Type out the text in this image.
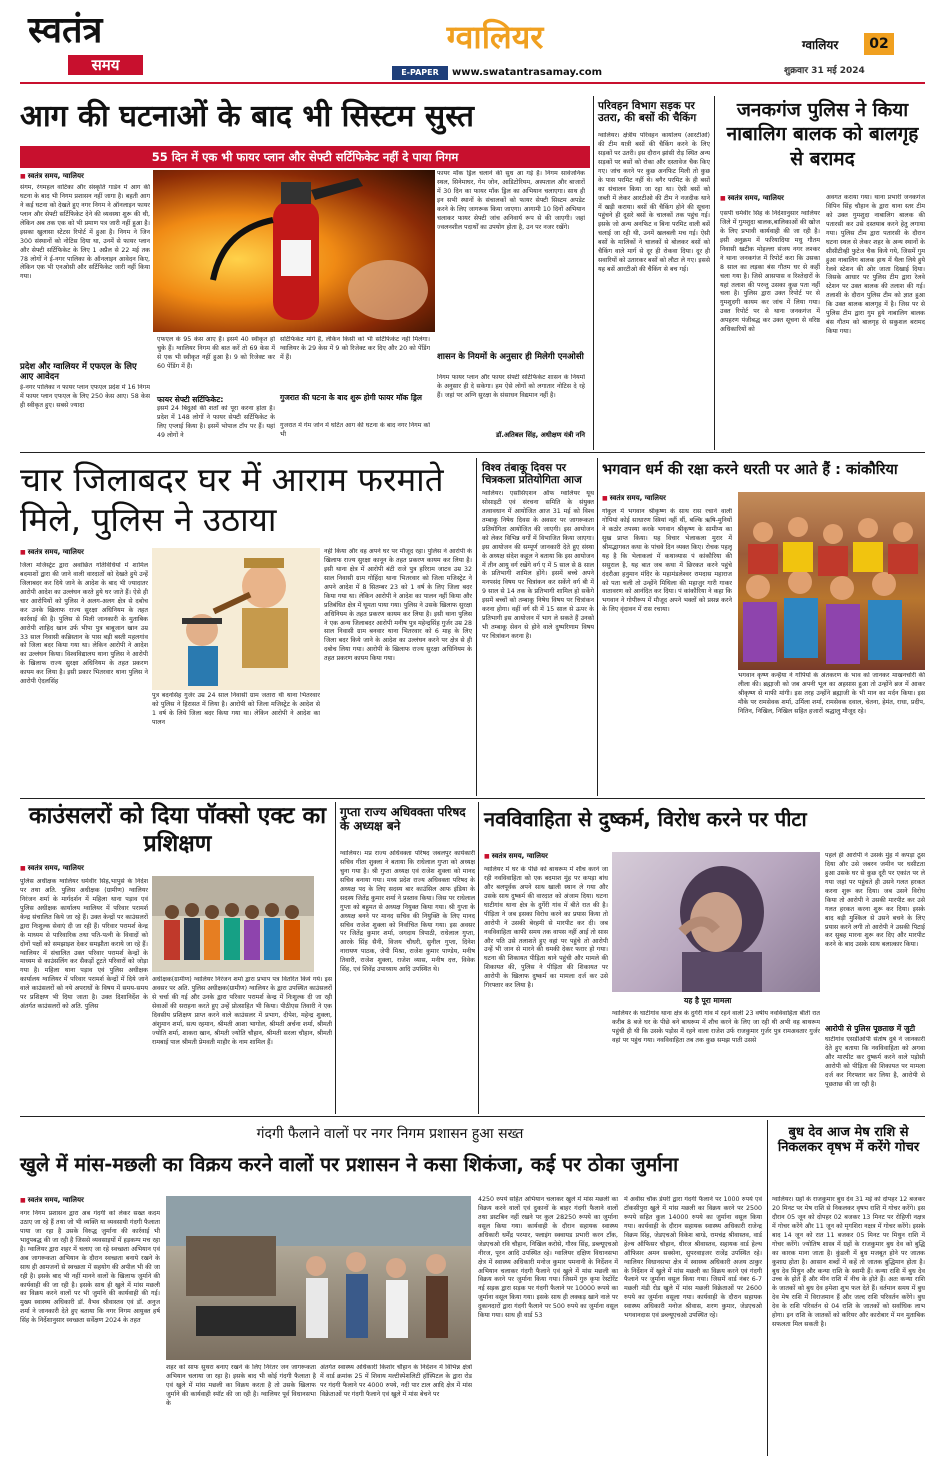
स्वतंत्र
समय
ग्वालियर
E-PAPER	www.swatantrasamay.com
ग्वालियर	02
शुक्रवार 31 मई 2024
आग की घटनाओं के बाद भी सिस्टम सुस्त
55 दिन में एक भी फायर प्लान और सेफ्टी सर्टिफिकेट नहीं दे पाया निगम
■ स्वतंत्र समय, ग्वालियर
संगम, रंगमहल वाटिका और संस्कृति गार्डन में आग की घटना के बाद भी निगम प्रशासन नहीं जागा है। बहती आग ने कई घटना को देखते हुए नगर निगम ने ऑनलाइन फायर प्लान और सेफ्टी सर्टिफिकेट देने की व्यवस्था शुरू की थी, लेकिन अब तक एक को भी प्रमाण पत्र जारी नहीं हुआ है। इसका खुलासा स्टेटस रिपोर्ट में हुआ है। निगम ने जिन 300 संस्थानों को नोटिस दिया था, उनमें से फायर प्लान और सेफ्टी सर्टिफिकेट के लिए 1 अप्रैल से 22 मई तक 78 लोगों ने ई-नगर पालिका के ऑनलाइन आवेदन किए, लेकिन एक भी एनओसी और सर्टिफिकेट जारी नहीं किया गया।
प्रदेश और ग्वालियर में एफएल के लिए आए आवेदन
ई-नगर पालिका न फायर प्लान एफएल प्रदेश में 16 निगम में फायर प्लान एफएल के लिए 250 केस आए। 58 केस ही स्वीकृत हुए। सबसे ज्यादा
एफएल के 95 केस आए हैं। इसमें 40 स्वीकृत हो चुके हैं। ग्वालियर निगम की बात करें तो 69 केस में से एक भी स्वीकृत नहीं हुआ है। 9 को रिजेक्ट कर 60 पेंडिंग में हैं।
फायर सेफ्टी सर्टिफिकेट:
इसमें 24 बिंदुओं की शर्तों को पूरा करना होता है। प्रदेश में 148 लोगों ने फायर सेफ्टी सर्टिफिकेट के लिए एप्लाई किया है। इसमें भोपाल टॉप पर हैं। यहां 49 लोगों ने
सर्टिफिकेट मांगे हैं, लेकिन किसी को भी सर्टिफिकेट नहीं मिलेगा। ग्वालियर के 29 केस में 9 को रिजेक्ट कर दिए और 20 को पेंडिंग में हैं।
गुजरात की घटना के बाद शुरू होगी फायर मॉक ड्रिल
गुजरात में गेम जोन में घटित आग की घटना के बाद नगर निगम को भी
फायर मॉक ड्रिल चलाने की सुध आ गई है। निगम सार्वजनिक स्थल, सिनेमाघर, गेम जोन, आडिटोरियम, अस्पताल और बाजारों में 30 दिन का फायर मॉक ड्रिल का अभियान चलाएगा। साथ ही इन सभी स्थानों के संचालकों को फायर सेफ्टी सिस्टम अपडेट करने के लिए जागरूक किया जाएगा। आगामी 10 दिनों अभियान चलाकर फायर सेफ्टी जांच अनिवार्य रूप से की जाएगी। जहां ज्वलनशील पदार्थों का उपयोग होता है, उन पर नजर रखेंगे।
शासन के नियमों के अनुसार ही मिलेगी एनओसी
निगम फायर प्लान और फायर सेफ्टी सर्टिफिकेट शासन के नियमों के अनुसार ही दे सकेगा। हम ऐसे लोगों को लगातार नोटिस दे रहे हैं। जहां पर अग्नि सुरक्षा के संसाधन विद्यमान नहीं है।
डॉ.अतिबल सिंह, अधीक्षण यंत्री ननि
परिवहन विभाग सड़क पर उतरा, की बसों की चैकिंग
ग्वालियर। क्षेत्रीय परिवहन कार्यालय (आरटीओ) की टीम यात्री बसों की चैकिंग करने के लिए सड़कों पर उतरी। इस दौरान झांसी रोड़ स्थित अन्य सड़कों पर बसों को रोका और दस्तावेज चैक किए गए। जांच करने पर कुछ अनफिट मिली तो कुछ के पास परमिट नहीं थे। बगैर परमिट के ही बसों का संचालन किया जा रहा था। ऐसी बसों को जब्ती में लेकर आरटीओ की टीम ने नजदीक थाने में खड़ी कराया। बसों की चैकिंग होने की सूचना पहुंचने ही दूसरे बसों के चालकों तक पहुंच गई। इसके जो अन्य अनफिट व बिना परमिट वाली बसें चलाई जा रही थी, उनमें खलबली मच गई। ऐसी बसों के मालिकों ने चालकों से बोलकर बसों को चैकिंग वाले मार्ग से दूर ही रोकवा दिया। दूर ही सवारियों को उतारकर बसों को लौटा ले गए। इससे यह बसें आरटीओ की चैकिंग से बच गई।
जनकगंज पुलिस ने किया नाबालिग बालक को बालगृह से बरामद
■ स्वतंत्र समय, ग्वालियर
एसपी धर्मवीर सिंह के निर्देशानुसार ग्वालियर जिले में गुमशुदा बालक,बालिकाओं की खोज के लिए प्रभावी कार्यवाही की जा रही है। इसी अनुक्रम में फरियादिया मधु गौतम निवासी खटीक मोहल्ला संजय नगर लश्कर ने थाना जनकगंज में रिपोर्ट करा कि उसका 8 साल का लड़का बंस गौतम घर से कहीं चला गया है। जिसे आसपास व रिश्तेदारों के यहां तलाश की परन्तु उसका कुछ पता नहीं चला है। पुलिस द्वारा उक्त रिपोर्ट पर से गुमशुदगी कायम कर जांच में लिया गया। उक्त रिपोर्ट पर से थाना जनकगंज में अपहरण पंजीबद्ध कर उक्त सूचना से वरिष्ठ अधिकारियों को
अवगत कराया गया। थाना प्रभारी जनकगंज विपिन सिंह चौहान के द्वारा थाना स्तर टीम को उक्त गुमशुदा नाबालिग बालक की पतारसी कर उसे दस्तयाब करने हेतु लगाया गया। पुलिस टीम द्वारा पतारसी के दौरान घटना स्थल से लेकर शहर के अन्य स्थानों के सीसीटीव्ही फुटेज चैक किये गये, जिसमें गुम हुआ नाबालिग बालक हाथ में थैला लिये हुये रेलवे स्टेशन की ओर जाता दिखाई दिया। जिसके आधार पर पुलिस टीम द्वारा रेलवे स्टेशन पर उक्त बालक की तलाश की गई। तलाशी के दौरान पुलिस टीम को ज्ञात हुआ कि उक्त बालक बालगृह में है। जिस पर से पुलिस टीम द्वारा गुम हुये नाबालिग बालक बंस गौतम को बालगृह से सकुशल बरामद किया गया।
चार जिलाबदर घर में आराम फरमाते मिले, पुलिस ने उठाया
■ स्वतंत्र समय, ग्वालियर
जिला मजिस्ट्रेट द्वारा अवांछित गतिविधियों में शामिल बदमाशों द्वारा की जाने वाली वारदातों को देखते हुये उन्हें जिलाबदर कर दिये जाने के आदेश के बाद भी ज्यादातर आरोपी आदेश का उल्लंघन करते हुये घर जाते हैं। ऐसे ही चार आरोपियों को पुलिस ने अलग-अलग क्षेत्र से दबोच कर उनके खिलाफ राज्य सुरक्षा अधिनियम के तहत कार्रवाई की है। पुलिस से मिली जानकारी के मुताबिक आरोपी शाहिद खान उर्फ भीपा पुत्र बाबूजान खान उम्र 33 साल निवासी कब्रिस्तान के पास बड़ी बस्ती महलगांव को जिला बदर किया गया था। लेकिन आरोपी ने आदेश का उल्लंघन किया। विश्वविद्यालय थाना पुलिस ने आरोपी के खिलाफ राज्य सुरक्षा अधिनियम के तहत प्रकरण कायम कर लिया है। इसी प्रकार भितरवार थाना पुलिस ने आरोपी ऐदलसिंह
पुत्र बदनसिंह गुर्जर उम्र 24 साल निवासी ग्राम जतारा थी थाना भितरवार को पुलिस ने हिरासत में लिया है। आरोपी को जिला मजिस्ट्रेट के आदेश से 1 वर्ष के लिये जिला बदर किया गया था। लेकिन आरोपी ने आदेश का पालन
नहीं किया और वह अपने घर पर मौजूद रहा। पुलिस ने आरोपी के खिलाफ राज्य सुरक्षा कानून के तहत प्रकरण कायम कर लिया है। इसी थाना क्षेत्र में आरोपी बंटी राजे पुत्र हरिराम जाटव उम्र 32 साल निवासी ग्राम गोहिंदा थाना भितरवार को जिला मजिस्ट्रेट ने अपने आदेश में 8 सितम्बर 23 को 1 वर्ष के लिए जिला बदर किया गया था। लेकिन आरोपी ने आदेश का पालन नहीं किया और प्रतिबंधित क्षेत्र में घूमता पाया गया। पुलिस ने उसके खिलाफ सुरक्षा अधिनियम के तहत प्रकरण कायम कर लिया है। इसी थाना पुलिस ने एक अन्य जिलाबदर आरोपी मनीष पुत्र महेन्द्रसिंह गुर्जर उम्र 28 साल निवासी ग्राम बनवार थाना भितरवार को 6 माह के लिए जिला बदर किये जाने के आदेश का उल्लंघन करने पर क्षेत्र से ही दबोच लिया गया। आरोपी के खिलाफ राज्य सुरक्षा अधिनियम के तहत प्रकरण कायम किया गया।
विश्व तंबाकू दिवस पर चित्रकला प्रतियोगिता आज
ग्वालियर। एसोसिएशन ऑफ ग्वालियर यूथ सोसाइटी एवं संरचना समिति के संयुक्त तत्वावधान में आयोजित आज 31 मई को विश्व तम्बाकू निषेध दिवस के अवसर पर जागरूकता प्रतियोगिता आयोजित की जाएगी। इस आयोजन को लेकर विभिन्न वर्गों में विभाजित किया जाएगा। इस आयोजन की सम्पूर्ण जानकारी देते हुए संस्था के अध्यक्ष संदेश कहूल ने बताया कि इस आयोजन में तीन आयु वर्ग रखेंगे वर्ग ए में 5 साल से 8 साल के प्रतिभागी शामिल होंगे। इसमें बच्चे अपने मनपसंद विषय पर चित्रांकन कर सकेंगे वर्ग बी में 9 साल से 14 तक के प्रतिभागी शामिल हो सकेंगे इसमें बच्चों को तम्बाकू निषेध विषय पर चित्रांकन करना होगा। वहीं वर्ग सी में 15 साल से ऊपर के प्रतिभागी इस आयोजन में भाग ले सकते हैं उनको भी तम्बाकू सेवन से होने वाले दुष्परिणाम विषय पर चित्रांकन करना है।
भगवान धर्म की रक्षा करने धरती पर आते हैं : कांकौरिया
■ स्वतंत्र समय, ग्वालियर
गोकुल में भगवान श्रीकृष्ण के साथ रास रचाने वाली गोपियां कोई साधारण स्त्रियां नहीं थीं, बल्कि ऋषि-मुनियों ने कठोर तपस्या करके भगवान श्रीकृष्ण के सामीप्य का सुख प्राप्त किया। यह विचार भेलाकला मुरार में श्रीमद्भागवत कथा के पांचवे दिन व्यक्त किए। रोचक पहलू यह है कि भेलाकलां में कथाव्यास पं कांकौरिया की ससुराल है, यह बात जब कथा में छिरकत करने पहुंचे दंदरौआ हनुमान मंदिर के महामंडलेश्वर रामदास महाराज को पता चली तो उन्होंने मिथिला की महाजुर गारी गाकर वातावरण को आनंदित कर दिया। पं कांकौरिया ने कहा कि भगवान ने गोपीरूप में मौजूद अपने भक्तों को प्रसन्न करने के लिए वृंदावन में रास रचाया।
भगवान कृष्ण कन्हैया ने गोपियों के अंतकरण के भाव को जानकर माखनचोरी की लीला की। ब्रह्माजी को जब अपनी भूल का अहसास हुआ तो उन्होंने ब्रज में आकर श्रीकृष्ण से माफी मांगी। इस तरह उन्होंने ब्रह्माजी के भी मान का मर्दन किया। इस मौके पर रामसेवक शर्मा, उर्मिला शर्मा, रामसेवक दवाल, चेतना, हेमंत, राधा, प्रदीप, नितिन, निखिल, निखिल सहित हजारों श्रद्धालु मौजूद रहे।
काउंसलरों को दिया पॉक्सो एक्ट का प्रशिक्षण
■ स्वतंत्र समय, ग्वालियर
पुलिस अधीक्षक ग्वालियर धर्मवीर सिंह,भापुसे के निर्देश पर तथा अति. पुलिस अधीक्षक (ग्रामीण) ग्वालियर निरंजन शर्मा के मार्गदर्शन में महिला थाना पड़ाव एवं पुलिस अधीक्षक कार्यालय ग्वालियर में परिवार परामर्श केन्द्र संचालित किये जा रहे हैं। उक्त केन्द्रों पर काउंसलरों द्वारा निःशुल्क सेवाएं दी जा रही हैं। परिवार परामर्श केन्द्र के माध्यम से पारिवारिक तथा पति-पत्नी के विवादों को दोनों पक्षों को समझाइश देकर समझौता कराये जा रहे हैं। ग्वालियर में संचालित उक्त परिवार परामर्श केन्द्रों के माध्यम से काउंसलिंग कर सैकड़ों टूटते परिवारों को जोड़ा गया है। महिला थाना पड़ाव एवं पुलिस अधीक्षक कार्यालय ग्वालियर में परिवार परामर्श केन्द्रों में दिये जाने वाले काउंसलरों को नये अपराधों के विषय में समय-समय पर प्रशिक्षण भी दिया जाता है। उक्त दिशानिर्देश के अंतर्गत काउंसलरों को अति. पुलिस
अधीक्षक(ग्रामीण) ग्वालियर निरंजन शर्मा द्वारा प्रभाप पत्र वितरित किये गये। इस अवसर पर अति. पुलिस अधीक्षक(ग्रामीण) ग्वालियर के द्वारा उपस्थित काउंसलरों से चर्चा की गई और उनके द्वारा परिवार परामर्श केन्द्र में निःशुल्क दी जा रही सेवाओं की सराहना करते हुए उन्हें प्रोत्साहित भी किया। पीठीएस तिवारी ने एक दिवसीय प्रशिक्षण प्राप्त करने वाले काउंसलर में प्रभाग, दीपेश, महेन्द्र शुक्ला, अंशुमान शर्मा, सत्य रहमान, श्रीमती आशा भागोल, श्रीमती अर्चना शर्मा, श्रीमती ज्योति शर्मा, शाकरा खान, श्रीमती ज्योति चौहान, श्रीमती सरला चौहान, श्रीमती रामबाई पाल श्रीमती प्रेमवती माहौर के नाम शामिल हैं।
गुप्ता राज्य अधिवक्ता परिषद के अध्यक्ष बने
ग्वालियर। मप्र राज्य अधिवक्ता परिषद जबलपुर कार्यकारी सचिव गीता शुक्ला ने बताया कि राधेलाल गुप्ता को अध्यक्ष चुना गया है। श्री गुप्ता अध्यक्ष एवं राजेश शुक्ला को मानद सचिव बनाया गया। मध्य प्रदेश राज्य अधिवक्ता परिषद के अध्यक्ष पद के लिए सदस्य बार काउंसिल आफ इंडिया के सदस्य जितेंद्र कुमार शर्मा ने प्रस्ताव किया। जिस पर राधेलाल गुप्ता को बहुमत से अध्यक्ष नियुक्त किया गया। श्री गुप्ता के अध्यक्ष बनने पर मानद सचिव की नियुक्ति के लिए मानद सचिव राजेश शुक्ला को निर्वाचित किया गया। इस अवसर पर जितेंद्र कुमार शर्मा, जगदाय त्रिपाठी, राधेलाल गुप्ता, आरके सिंह सैनी, विजय चौधरी, सुनील गुप्ता, दिनेश नारायण पाठक, जेपी मिश्रा, राजेश कुमार पाण्डेय, मनीष तिवारी, राजेश शुक्ला, राजेश व्यास, मनीष दत्त, विवेक सिंह, एवं शिवेंद्र उपाध्याय आदि उपस्थित थे।
नवविवाहिता से दुष्कर्म, विरोध करने पर पीटा
■ स्वतंत्र समय, ग्वालियर
ग्वालियर में घर के पीछे को बाथरूम में शौच करने जा रही नवविवाहिता को एक बदमाश मुंह पर कपड़ा बांध और बलपूर्वक अपने साथ खाली स्थान ले गया और उसके साथ दुष्कर्म की वारदात को अंजाम दिया। घटना घाटीगांव थाना क्षेत्र के दुर्गेरी गांव में बीते रात की है। पीड़िता ने जब इसका विरोध करने का प्रयास किया तो आरोपी ने उसकी बेरहमी से मारपीट कर दी। जब नवविवाहिता काफी समय तक वापस नहीं आई तो सास और पति उसे तलाशते हुए वहां पर पहुंचे तो आरोपी उन्हें भी जान से मारने की धमकी देकर फरार हो गया। घटना की शिकायत पीड़िता थाने पहुंची और मामले की शिकायत की, पुलिस ने पीड़िता की शिकायत पर आरोपी के खिलाफ दुष्कर्म का मामला दर्ज कर उसे गिरफ्तार कर लिया है।
यह है पूरा मामला
ग्वालियर के घाटीगांव थाना क्षेत्र के दुर्गेरी गांव में रहने वाली 23 वर्षीय नवविवाहिता बीती रात करीब 8 बजे घर के पीछे बने बाथरूम में शौच करने के लिए जा रही थी अभी वह बाथरूम पहुंची ही थी कि उसके पड़ोस में रहने वाला राजेश उर्फ राजकुमार गुर्जर पुत्र रामअवतार गुर्जर वहां पर पहुंच गया। नवविवाहिता तब तक कुछ समझ पाती उससे
पहले ही आरोपी ने उसके मुंह में कपड़ा ठूस दिया और उसे जबरन जमीन पर घसीटता हुआ उसके घर से कुछ दूरी पर एकांत पर ले गया जहां पर पहुंचते ही उसने गलत हरकत करना शुरू कर दिया। जब उसने विरोध किया तो आरोपी ने उसकी मारपीट कर उसे गलत हरकत करना शुरू कर दिया। इसके बाद बड़ी मुश्किल से उसने बचने के लिए प्रयास करने लगी तो आरोपी ने उसकी पिटाई कर सुबह मारना शुरू कर दिए और मारपीट करने के बाद उसके साथ बलात्कार किया।
आरोपी से पुलिस पूछताछ में जुटी
घाटीगांव एसडीओपी संतोष दुबे ने जानकारी देते हुए बताया कि नवविवाहिता को अगवा और मारपीट कर दुष्कर्म करने वाले पड़ोसी आरोपी को पीड़िता की शिकायत पर मामला दर्ज कर गिरफ्तार कर लिया है, आरोपी से पूछताछ की जा रही है।
गंदगी फैलाने वालों पर नगर निगम प्रशासन हुआ सख्त
खुले में मांस-मछली का विक्रय करने वालों पर प्रशासन ने कसा शिकंजा, कई पर ठोका जुर्माना
■ स्वतंत्र समय, ग्वालियर
नगर निगम प्रशासन द्वारा अब गंदगी को लेकर सख्त कदम उठाए जा रहे हैं तथा जो भी व्यक्ति या व्यवसायी गंदगी फैलाता पाया जा रहा है उसके विरुद्ध जुर्माना की कार्रवाई भी भादुपबद्ध की जा रही है जिससे व्यवसाइयों में हड़कम्प मच रहा है। ग्वालियर द्वारा शहर में चलाए जा रहे स्वच्छता अभियान एवं अब जागरूकता अभियान के दौरान स्वच्छता बनाये रखने के साथ ही आमजनों से स्वच्छता में सहयोग की अपील भी की जा रही है। इसके बाद भी नहीं मानने वालों के खिलाफ जुर्माने की कार्यवाही की जा रही है। इसके साथ ही खुले में मांस मछली का विक्रय करने वालों पर भी जुर्माने की कार्यवाही की गई। मुख्य स्वास्थ्य अधिकारी डॉ. वैभव श्रीवास्तव एवं डॉ. अनुज शर्मा ने जानकारी देते हुए बताया कि नगर निगम आयुक्त हर्ष सिंह के निर्देशानुसार स्वच्छता सर्वेक्षण 2024 के तहत
शहर को साफ सुथरा बनाए रखने के लिए निरंतर जन जागरूकता अभियान चलाया जा रहा है। इसके बाद भी कोई गंदगी फैलाता है एवं खुले में मांस मछली का विक्रय करता है तो उसके खिलाफ जुर्माने की कार्यवाही स्पॉट की जा रही है। ग्वालियर पूर्व विधानसभा के
अंतर्गत स्वास्थ्य अधिकारी किशोर चौहान के निर्देशन में विभिन्न क्षेत्रों में वार्ड क्रमांक 25 में शिवाय मल्टीस्पेशलिटी हॉस्पिटल के द्वारा रोड पर गंदगी फैलाने पर 4000 रुपये, नदी पार टाल आदि क्षेत्र में मांस विक्रेताओं पर गंदगी फैलाने एवं खुले में मांस बेचने पर
4250 रुपये सहित अभियान चलाकर खुले में मांस मछली का विक्रय करने वालों एवं दुकानों के बाहर गंदगी फैलाने वालों तथा डस्टबिन नहीं रखने पर कुल 28250 रूपये का जुर्माना वसूल किया गया। कार्यवाही के दौरान सहायक स्वास्थ्य अधिकारी धर्मेंद्र परमार, फ्लाइंग स्क्वायड प्रभारी करन टाँक, जेडएचओ रवि चौहान, निखिल करोसे, गौरव सिंह, डब्ल्यूएचओ नीरज, पूरन आदि उपस्थित रहे। ग्वालियर दक्षिण विधानसभा क्षेत्र में स्वास्थ्य अधिकारी मनोज कुमार पमनानी के निर्देशन में अभियान चलाकर गंदगी फैलाने एवं खुले में मांस मछली का विक्रय करने पर जुर्माना किया गया। जिसमें गुरु कृपा रेस्टोरेंट नई सड़क द्वारा सड़क पर गंदगी फैलाने पर 10000 रूपये का जुर्माना वसूल किया गया। इसके साथ ही लक्कड़ खाने नाले पर दुकानदारों द्वारा गंदगी फैलाने पर 500 रुपये का जुर्माना वसूल किया गया। साथ ही वार्ड 53
में अवीस चौक डेयरी द्वारा गंदगी फैलाने पर 1000 रुपये एवं टॉकसीपुरा खुले में मांस मछली का विक्रय करने पर 2500 रूपये सहित कुल 14000 रुपये का जुर्माना वसूल किया गया। कार्यवाही के दौरान सहायक स्वास्थ्य अधिकारी राजेन्द्र विक्रम सिंह, जेडएचओ विकेश बाग्डे, रामचंद्र श्रीवास्तव, वार्ड हेल्थ ऑफिसर चौहान, धीरज श्रीवास्तव, सहायक वार्ड हेल्थ ऑफिसर अमन सक्सेना, सुपरवाइजर राजेंद्र उपस्थित रहे। ग्वालियर विधानसभा क्षेत्र में स्वास्थ्य अधिकारी अजय ठाकुर के निर्देशन में खुले में मांस मछली का विक्रय करने एवं गंदगी फैलाने पर जुर्माना वसूल किया गया। जिसमें वार्ड नंबर 6-7 मछली मंडी रोड खुले में मांस मछली विक्रेताओं पर 2600 रुपये का जुर्माना वसूला गया। कार्यवाही के दौरान सहायक स्वास्थ्य अधिकारी मनोज श्रीवास, शरण कुमार, जेडएचओ भगवानदास एवं डब्ल्यूएचओ उपस्थित रहे।
बुध देव आज मेष राशि से निकलकर वृषभ में करेंगे गोचर
ग्वालियर। ग्रहों के राजकुमार बुध देव 31 मई को दोपहर 12 बजकर 20 मिनट पर मेष राशि से निकलकर वृषभ राशि में गोचर करेंगे। इस दौरान 05 जून को दोपहर 02 बजकर 13 मिनट पर रोहिणी नक्षत्र में गोचर करेंगे और 11 जून को मृगशिरा नक्षत्र में गोचर करेंगे। इसके बाद 14 जून को रात 11 बजकर 05 मिनट पर मिथुन राशि में गोचर करेंगे। ज्योतिष शास्त्र में ग्रहों के राजकुमार बुध देव को बुद्धि का कारक माना जाता है। कुंडली में बुध मजबूत होने पर जातक कुशाग्र होता है। आसान शब्दों में कहें तो जातक बुद्धिमान होता है। बुध देव मिथुन और कन्या राशि के स्वामी हैं। कन्या राशि में बुध देव उच्च के होते हैं और मीन राशि में नीच के होते हैं। अतः कन्या राशि के जातकों को बुध देव हमेशा शुभ फल देते हैं। वर्तमान समय में बुध देव मेष राशि में विराजमान हैं और जल्द राशि परिवर्तन करेंगे। बुध देव के राशि परिवर्तन से 04 राशि के जातकों को सर्वाधिक लाभ होगा। इन राशि के जातकों को करियर और कारोबार में मन मुताबिक सफलता मिल सकती है।
